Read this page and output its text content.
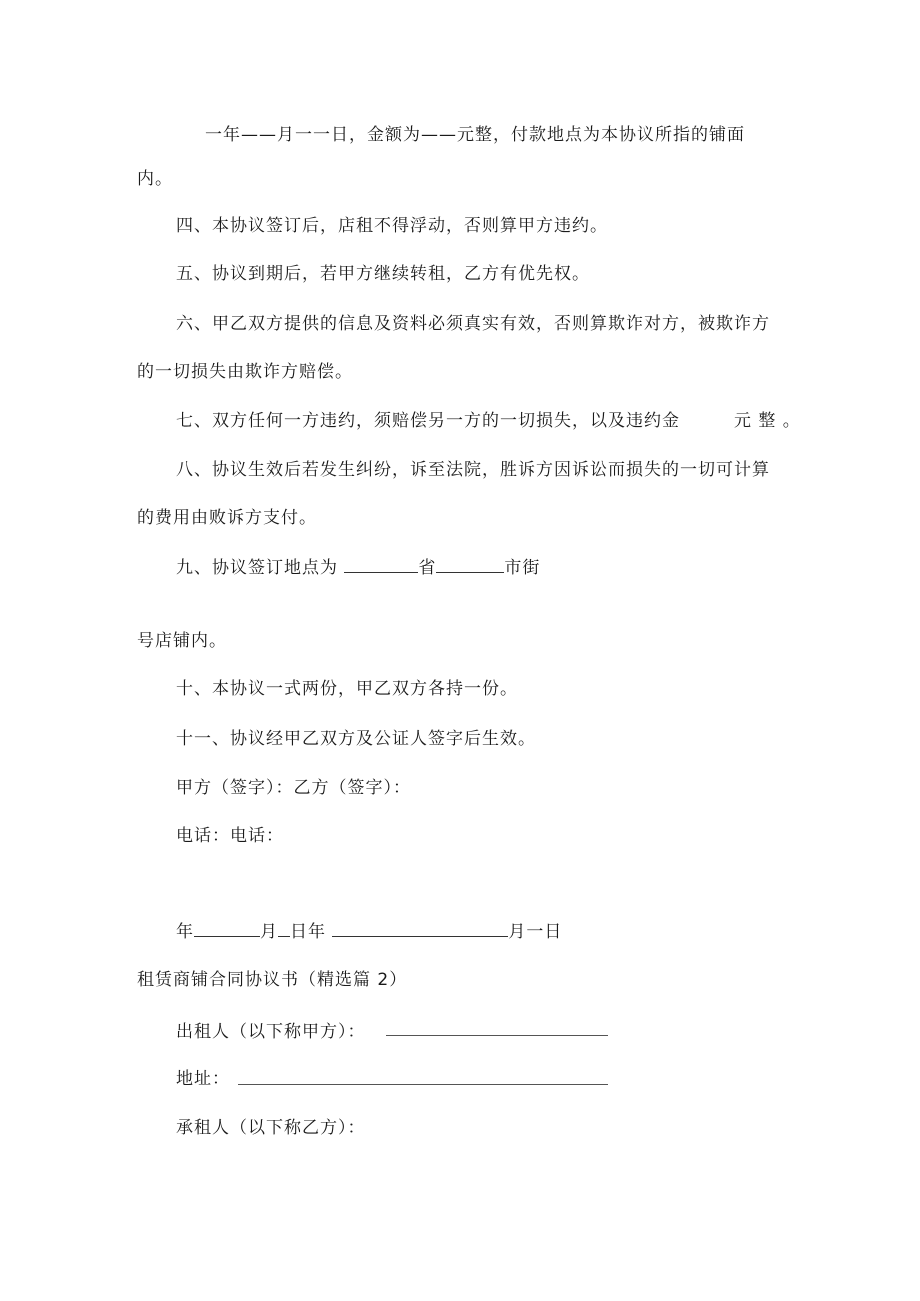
一年——月一一日，金额为——元整，付款地点为本协议所指的铺面
内。
四、本协议签订后，店租不得浮动，否则算甲方违约。
五、协议到期后，若甲方继续转租，乙方有优先权。
六、甲乙双方提供的信息及资料必须真实有效，否则算欺诈对方，被欺诈方
的一切损失由欺诈方赔偿。
七、双方任何一方违约，须赔偿另一方的一切损失，以及违约金	元 整 。
八、协议生效后若发生纠纷，诉至法院，胜诉方因诉讼而损失的一切可计算
的费用由败诉方支付。
九、协议签订地点为	省	市街
号店铺内。
十、本协议一式两份，甲乙双方各持一份。
十一、协议经甲乙双方及公证人签字后生效。
甲方（签字）：乙方（签字）：
电话：电话：
年	月 日年	月一日
租赁商铺合同协议书（精选篇 2）
出租人（以下称甲方）：
地址：
承租人（以下称乙方）：
